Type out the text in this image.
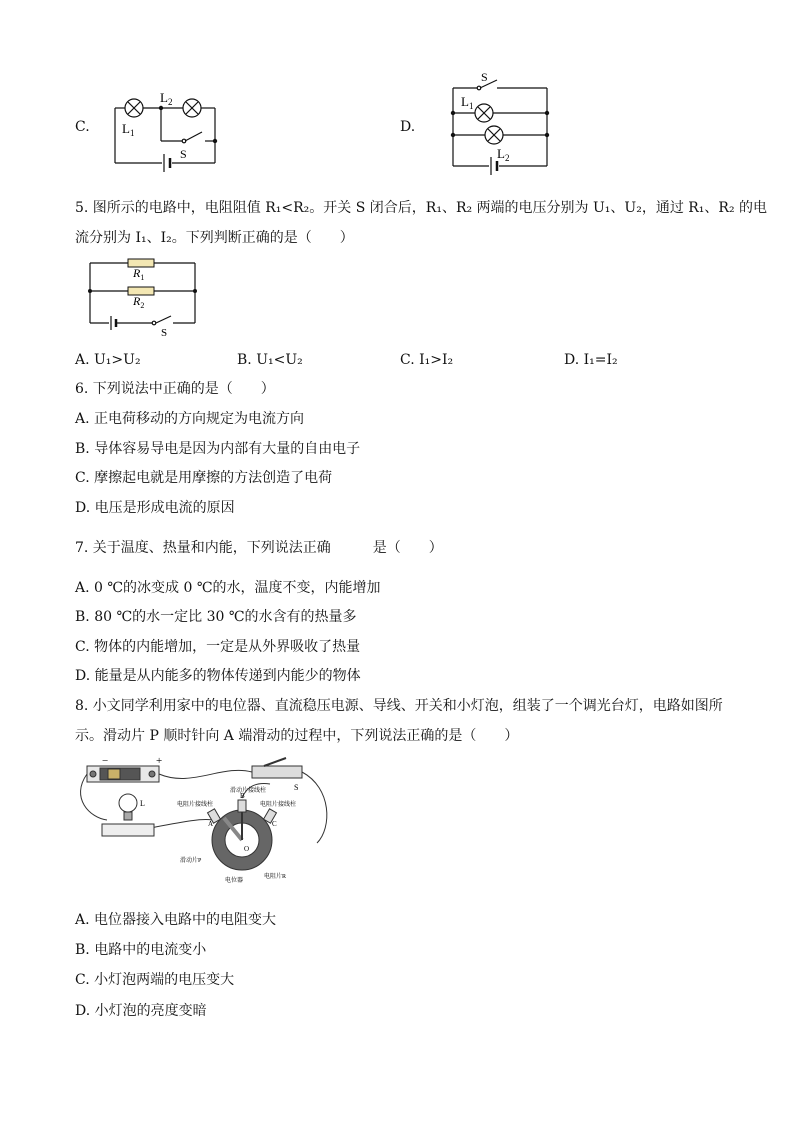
C. $L_1$
$L_2$
S
D.
S
$L_1$
$L_2$
5. 图所示的电路中，电阻阻值 R₁<R₂。开关 S 闭合后，R₁、R₂ 两端的电压分别为 U₁、U₂，通过 R₁、R₂ 的电
流分别为 I₁、I₂。下列判断正确的是（　　）
$R_1$
$R_2$
S
A. U₁>U₂	B. U₁<U₂	C. I₁>I₂	D. I₁=I₂
6. 下列说法中正确的是（　　）
A. 正电荷移动的方向规定为电流方向
B. 导体容易导电是因为内部有大量的自由电子
C. 摩擦起电就是用摩擦的方法创造了电荷
D. 电压是形成电流的原因
7. 关于温度、热量和内能，下列说法正确　　　是（　　）
A. 0 ℃的冰变成 0 ℃的水，温度不变，内能增加
B. 80 ℃的水一定比 30 ℃的水含有的热量多
C. 物体的内能增加，一定是从外界吸收了热量
D. 能量是从内能多的物体传递到内能少的物体
8. 小文同学利用家中的电位器、直流稳压电源、导线、开关和小灯泡，组装了一个调光台灯，电路如图所
示。滑动片 P 顺时针向 A 端滑动的过程中，下列说法正确的是（　　）
−	+
S
L
滑动片接线柱
电阻片接线柱	电阻片接线柱
A
B
C
O
滑动片P
电位器
电阻片R
A. 电位器接入电路中的电阻变大
B. 电路中的电流变小
C. 小灯泡两端的电压变大
D. 小灯泡的亮度变暗
